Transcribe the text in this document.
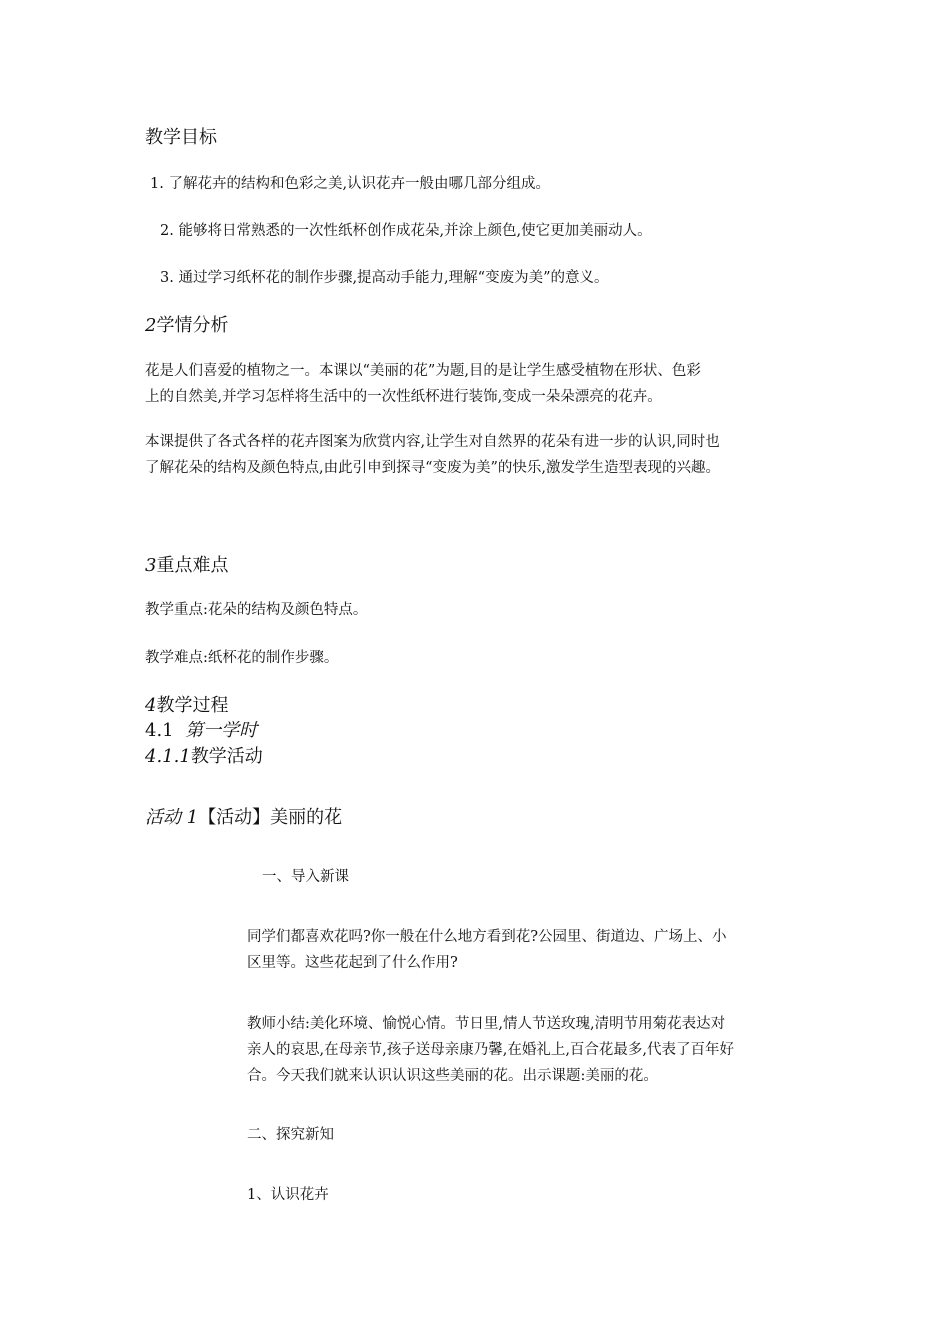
教学目标
1. 了解花卉的结构和色彩之美,认识花卉一般由哪几部分组成。
2. 能够将日常熟悉的一次性纸杯创作成花朵,并涂上颜色,使它更加美丽动人。
3. 通过学习纸杯花的制作步骤,提高动手能力,理解“变废为美”的意义。
2学情分析
花是人们喜爱的植物之一。本课以“美丽的花”为题,目的是让学生感受植物在形状、色彩
上的自然美,并学习怎样将生活中的一次性纸杯进行装饰,变成一朵朵漂亮的花卉。
本课提供了各式各样的花卉图案为欣赏内容,让学生对自然界的花朵有进一步的认识,同时也
了解花朵的结构及颜色特点,由此引申到探寻“变废为美”的快乐,激发学生造型表现的兴趣。
3重点难点
教学重点:花朵的结构及颜色特点。
教学难点:纸杯花的制作步骤。
4教学过程
4.1 第一学时
4.1.1教学活动
活动 1【活动】美丽的花
一、导入新课
同学们都喜欢花吗?你一般在什么地方看到花?公园里、街道边、广场上、小
区里等。这些花起到了什么作用?
教师小结:美化环境、愉悦心情。节日里,情人节送玫瑰,清明节用菊花表达对
亲人的哀思,在母亲节,孩子送母亲康乃馨,在婚礼上,百合花最多,代表了百年好
合。今天我们就来认识认识这些美丽的花。出示课题:美丽的花。
二、探究新知
1、认识花卉
